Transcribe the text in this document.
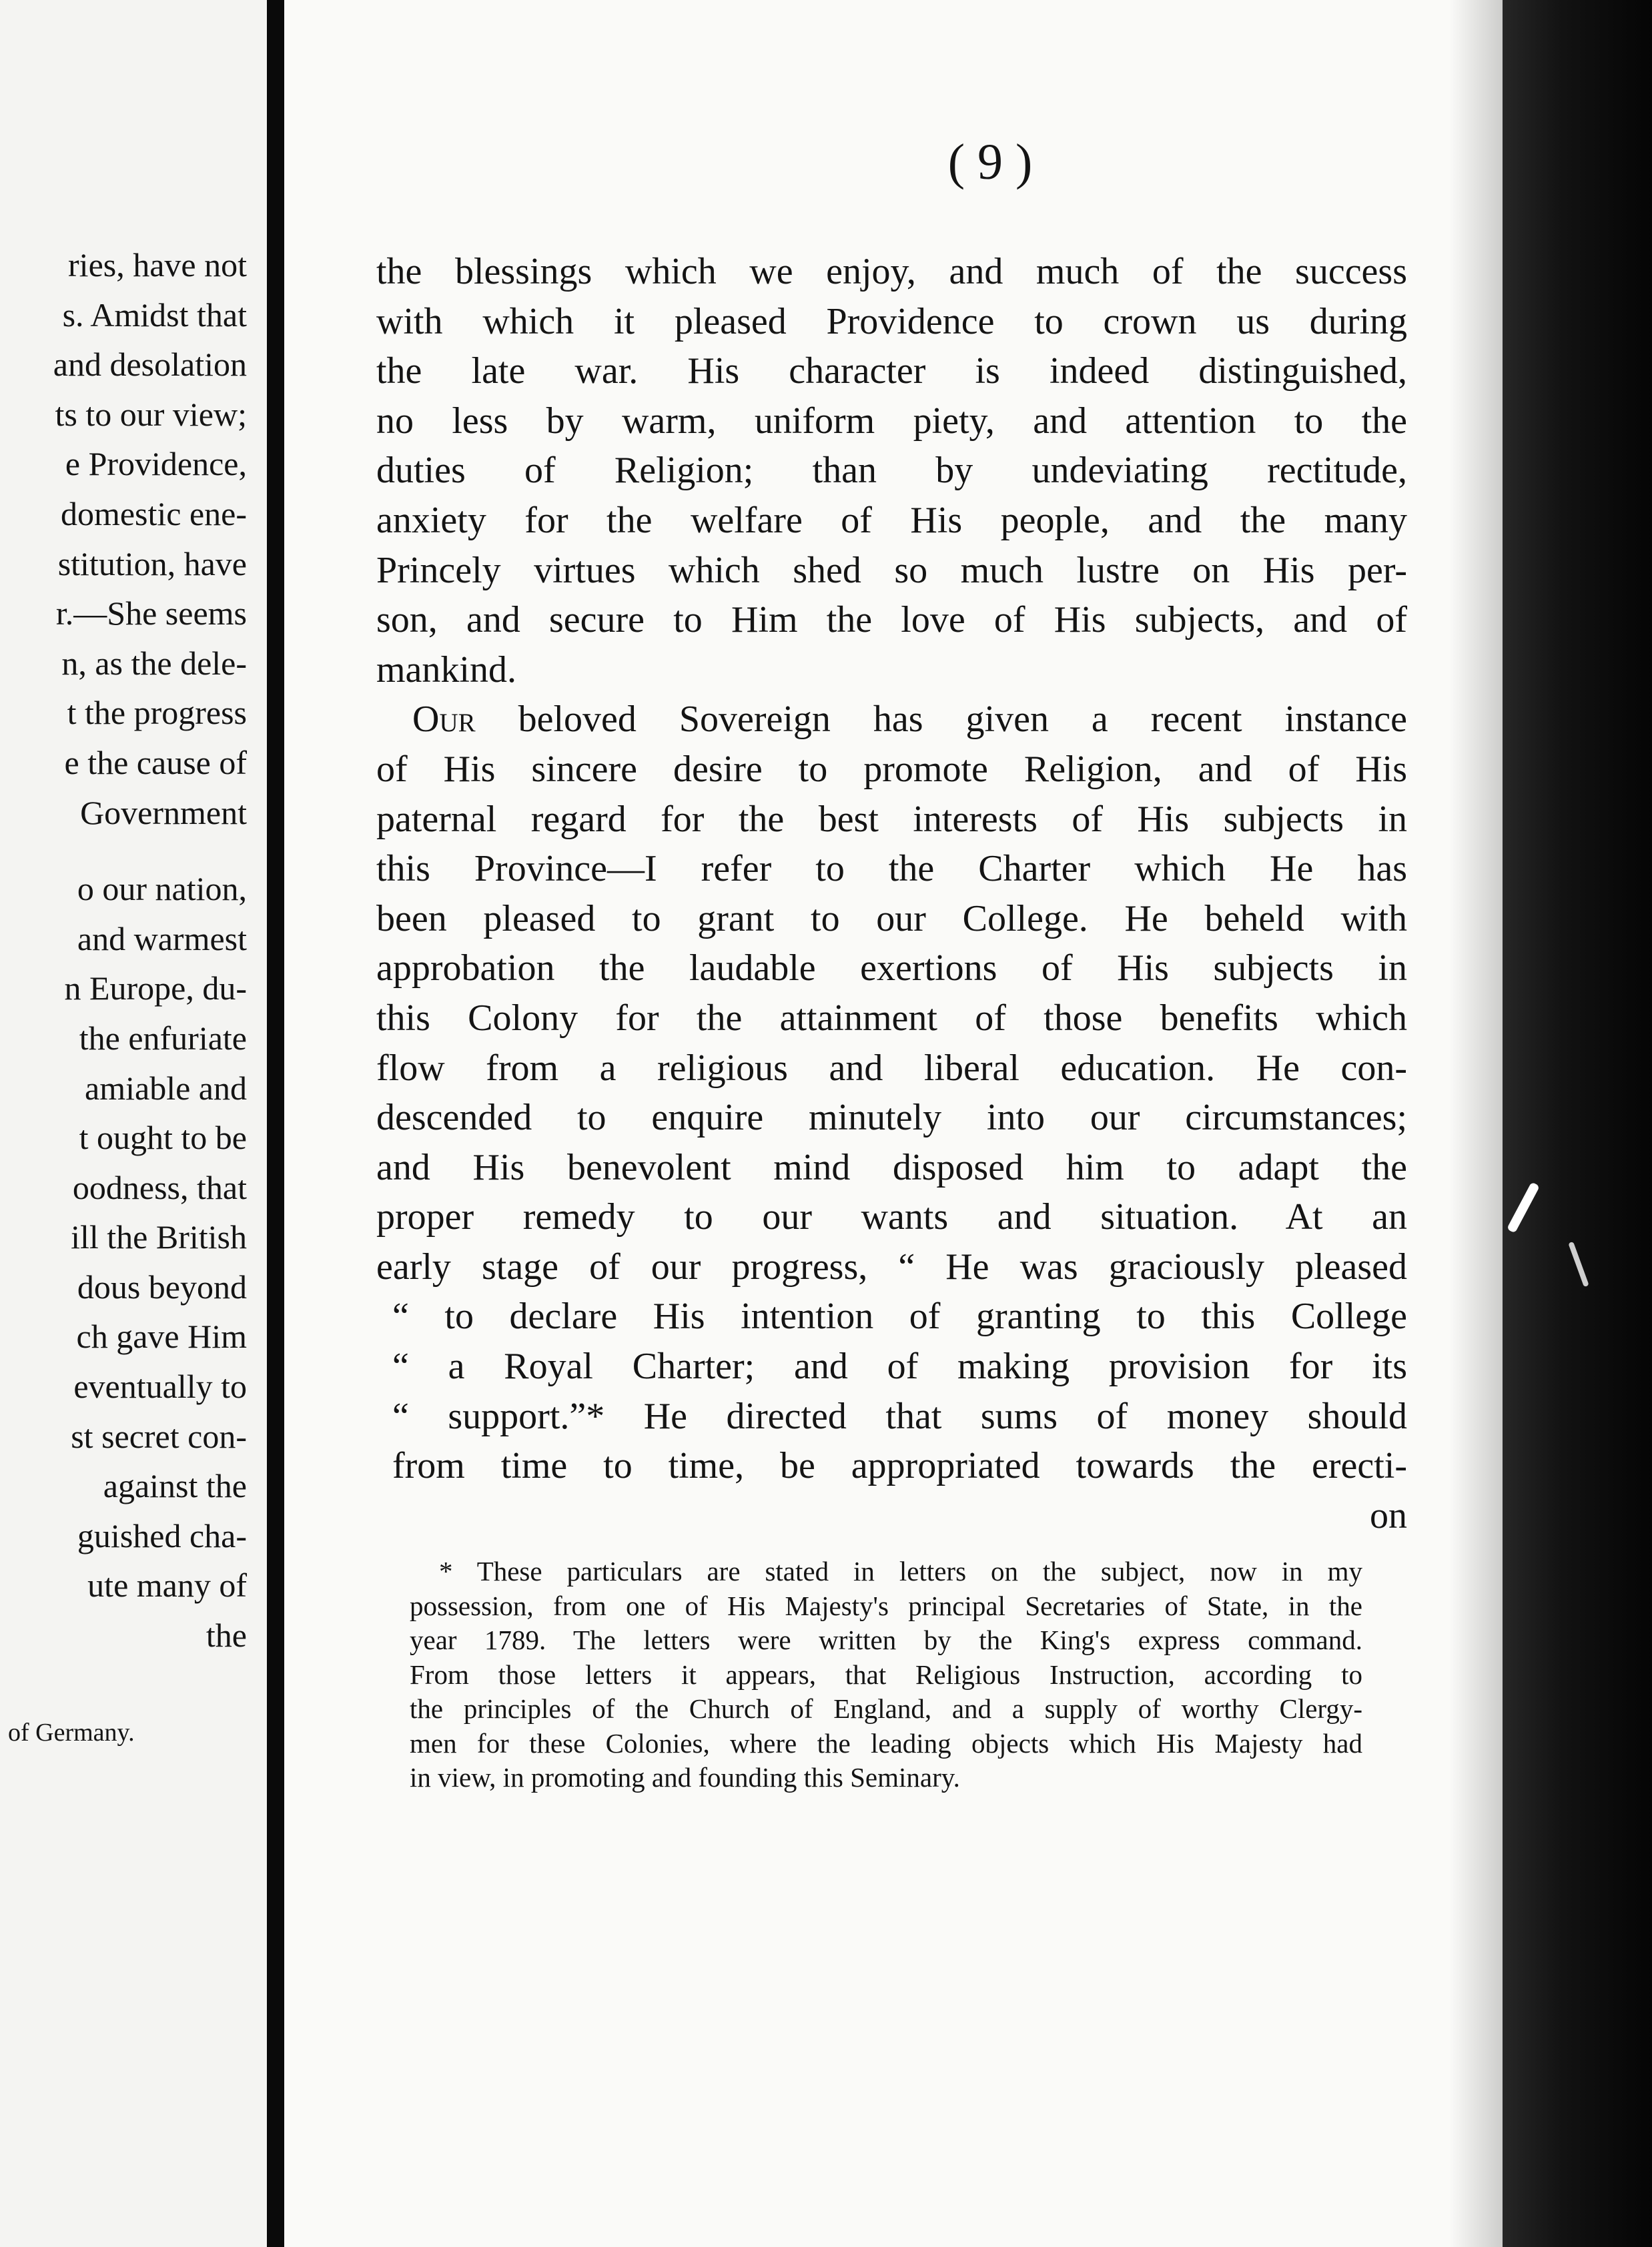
ries, have not
s. Amidst that
and desolation
ts to our view;
e Providence,
domestic ene-
stitution, have
r.—She seems
n, as the dele-
t the progress
e the cause of
Government
o our nation,
and warmest
n Europe, du-
the enfuriate
amiable and
t ought to be
oodness, that
ill the British
dous beyond
ch gave Him
eventually to
st secret con-
against the
guished cha-
ute many of
the
of Germany.
( 9 )
the blessings which we enjoy, and much of the success
with which it pleased Providence to crown us during
the late war. His character is indeed distinguished,
no less by warm, uniform piety, and attention to the
duties of Religion; than by undeviating rectitude,
anxiety for the welfare of His people, and the many
Princely virtues which shed so much lustre on His per-
son, and secure to Him the love of His subjects, and of
mankind.
Our beloved Sovereign has given a recent instance
of His sincere desire to promote Religion, and of His
paternal regard for the best interests of His subjects in
this Province—I refer to the Charter which He has
been pleased to grant to our College. He beheld with
approbation the laudable exertions of His subjects in
this Colony for the attainment of those benefits which
flow from a religious and liberal education. He con-
descended to enquire minutely into our circumstances;
and His benevolent mind disposed him to adapt the
proper remedy to our wants and situation. At an
early stage of our progress, “ He was graciously pleased
“ to declare His intention of granting to this College
“ a Royal Charter; and of making provision for its
“ support.”* He directed that sums of money should
from time to time, be appropriated towards the erecti-
on
* These particulars are stated in letters on the subject, now in my
possession, from one of His Majesty's principal Secretaries of State, in the
year 1789. The letters were written by the King's express command.
From those letters it appears, that Religious Instruction, according to
the principles of the Church of England, and a supply of worthy Clergy-
men for these Colonies, where the leading objects which His Majesty had
in view, in promoting and founding this Seminary.
